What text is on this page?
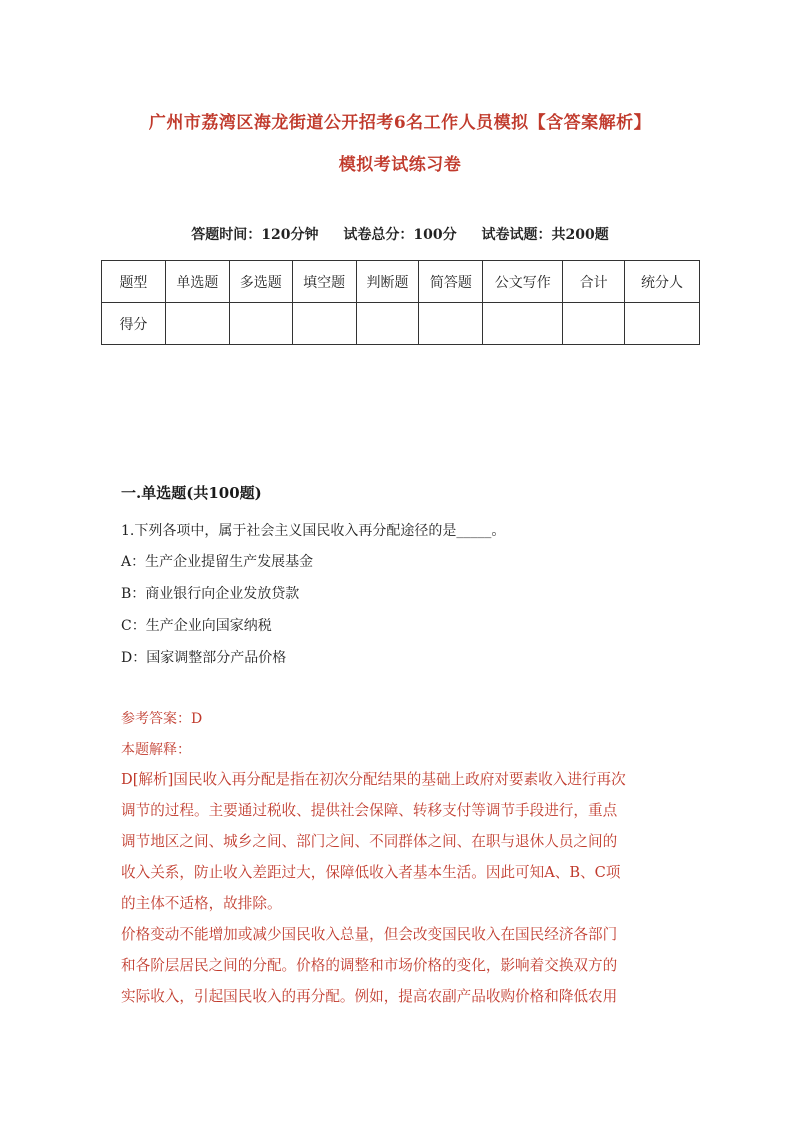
广州市荔湾区海龙街道公开招考6名工作人员模拟【含答案解析】
模拟考试练习卷
答题时间：120分钟 试卷总分：100分 试卷试题：共200题
题型	单选题	多选题	填空题	判断题	简答题	公文写作	合计	统分人
得分								
一.单选题(共100题)
1.下列各项中，属于社会主义国民收入再分配途径的是_____。
A：生产企业提留生产发展基金
B：商业银行向企业发放贷款
C：生产企业向国家纳税
D：国家调整部分产品价格
参考答案：D
本题解释：
D[解析]国民收入再分配是指在初次分配结果的基础上政府对要素收入进行再次
调节的过程。主要通过税收、提供社会保障、转移支付等调节手段进行，重点
调节地区之间、城乡之间、部门之间、不同群体之间、在职与退休人员之间的
收入关系，防止收入差距过大，保障低收入者基本生活。因此可知A、B、C项
的主体不适格，故排除。
价格变动不能增加或减少国民收入总量，但会改变国民收入在国民经济各部门
和各阶层居民之间的分配。价格的调整和市场价格的变化，影响着交换双方的
实际收入，引起国民收入的再分配。例如，提高农副产品收购价格和降低农用
